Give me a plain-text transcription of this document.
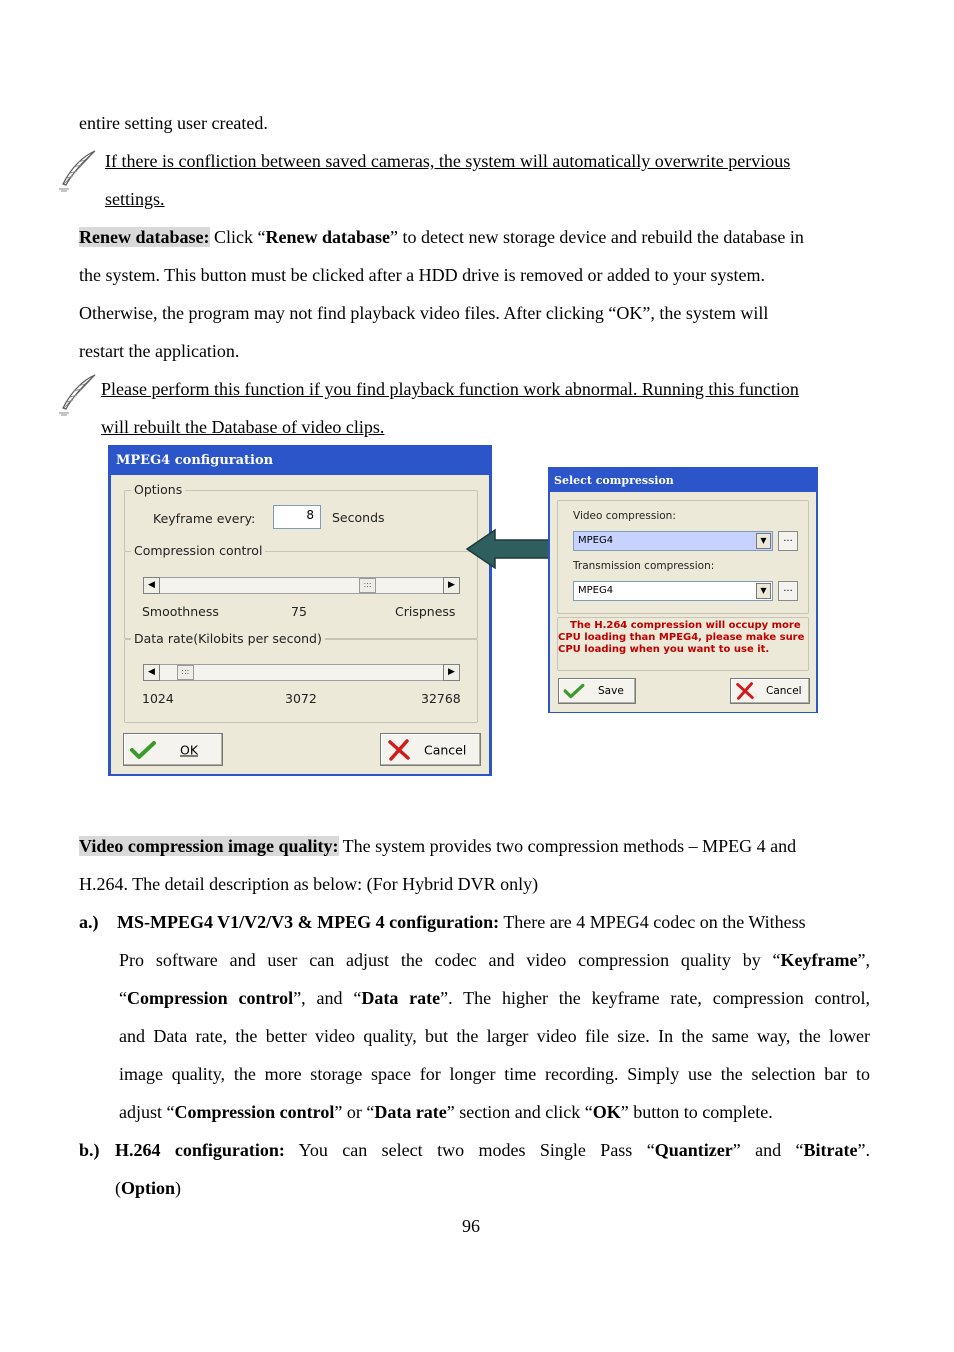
entire setting user created.
If there is confliction between saved cameras, the system will automatically overwrite pervious
settings.
Renew database: Click “Renew database” to detect new storage device and rebuild the database in
the system. This button must be clicked after a HDD drive is removed or added to your system.
Otherwise, the program may not find playback video files. After clicking “OK”, the system will
restart the application.
Please perform this function if you find playback function work abnormal. Running this function
will rebuilt the Database of video clips.
MPEG4 configuration
Options
Keyframe every:	8	Seconds
Compression control
◀	:::	▶
Smoothness	75	Crispness
Data rate(Kilobits per second)
◀	:::	▶
1024	3072	32768
OK	Cancel
Select compression
Video compression:
MPEG4	▼	...
Transmission compression:
MPEG4	▼	...
The H.264 compression will occupy more CPU loading than MPEG4, please make sure CPU loading when you want to use it.
Save	Cancel
Video compression image quality: The system provides two compression methods – MPEG 4 and
H.264. The detail description as below: (For Hybrid DVR only)
a.) MS-MPEG4 V1/V2/V3 & MPEG 4 configuration: There are 4 MPEG4 codec on the Withess
Pro software and user can adjust the codec and video compression quality by “Keyframe”,
“Compression control”, and “Data rate”. The higher the keyframe rate, compression control,
and Data rate, the better video quality, but the larger video file size. In the same way, the lower
image quality, the more storage space for longer time recording. Simply use the selection bar to
adjust “Compression control” or “Data rate” section and click “OK” button to complete.
b.) H.264 configuration: You can select two modes Single Pass “Quantizer” and “Bitrate”.
(Option)
96
